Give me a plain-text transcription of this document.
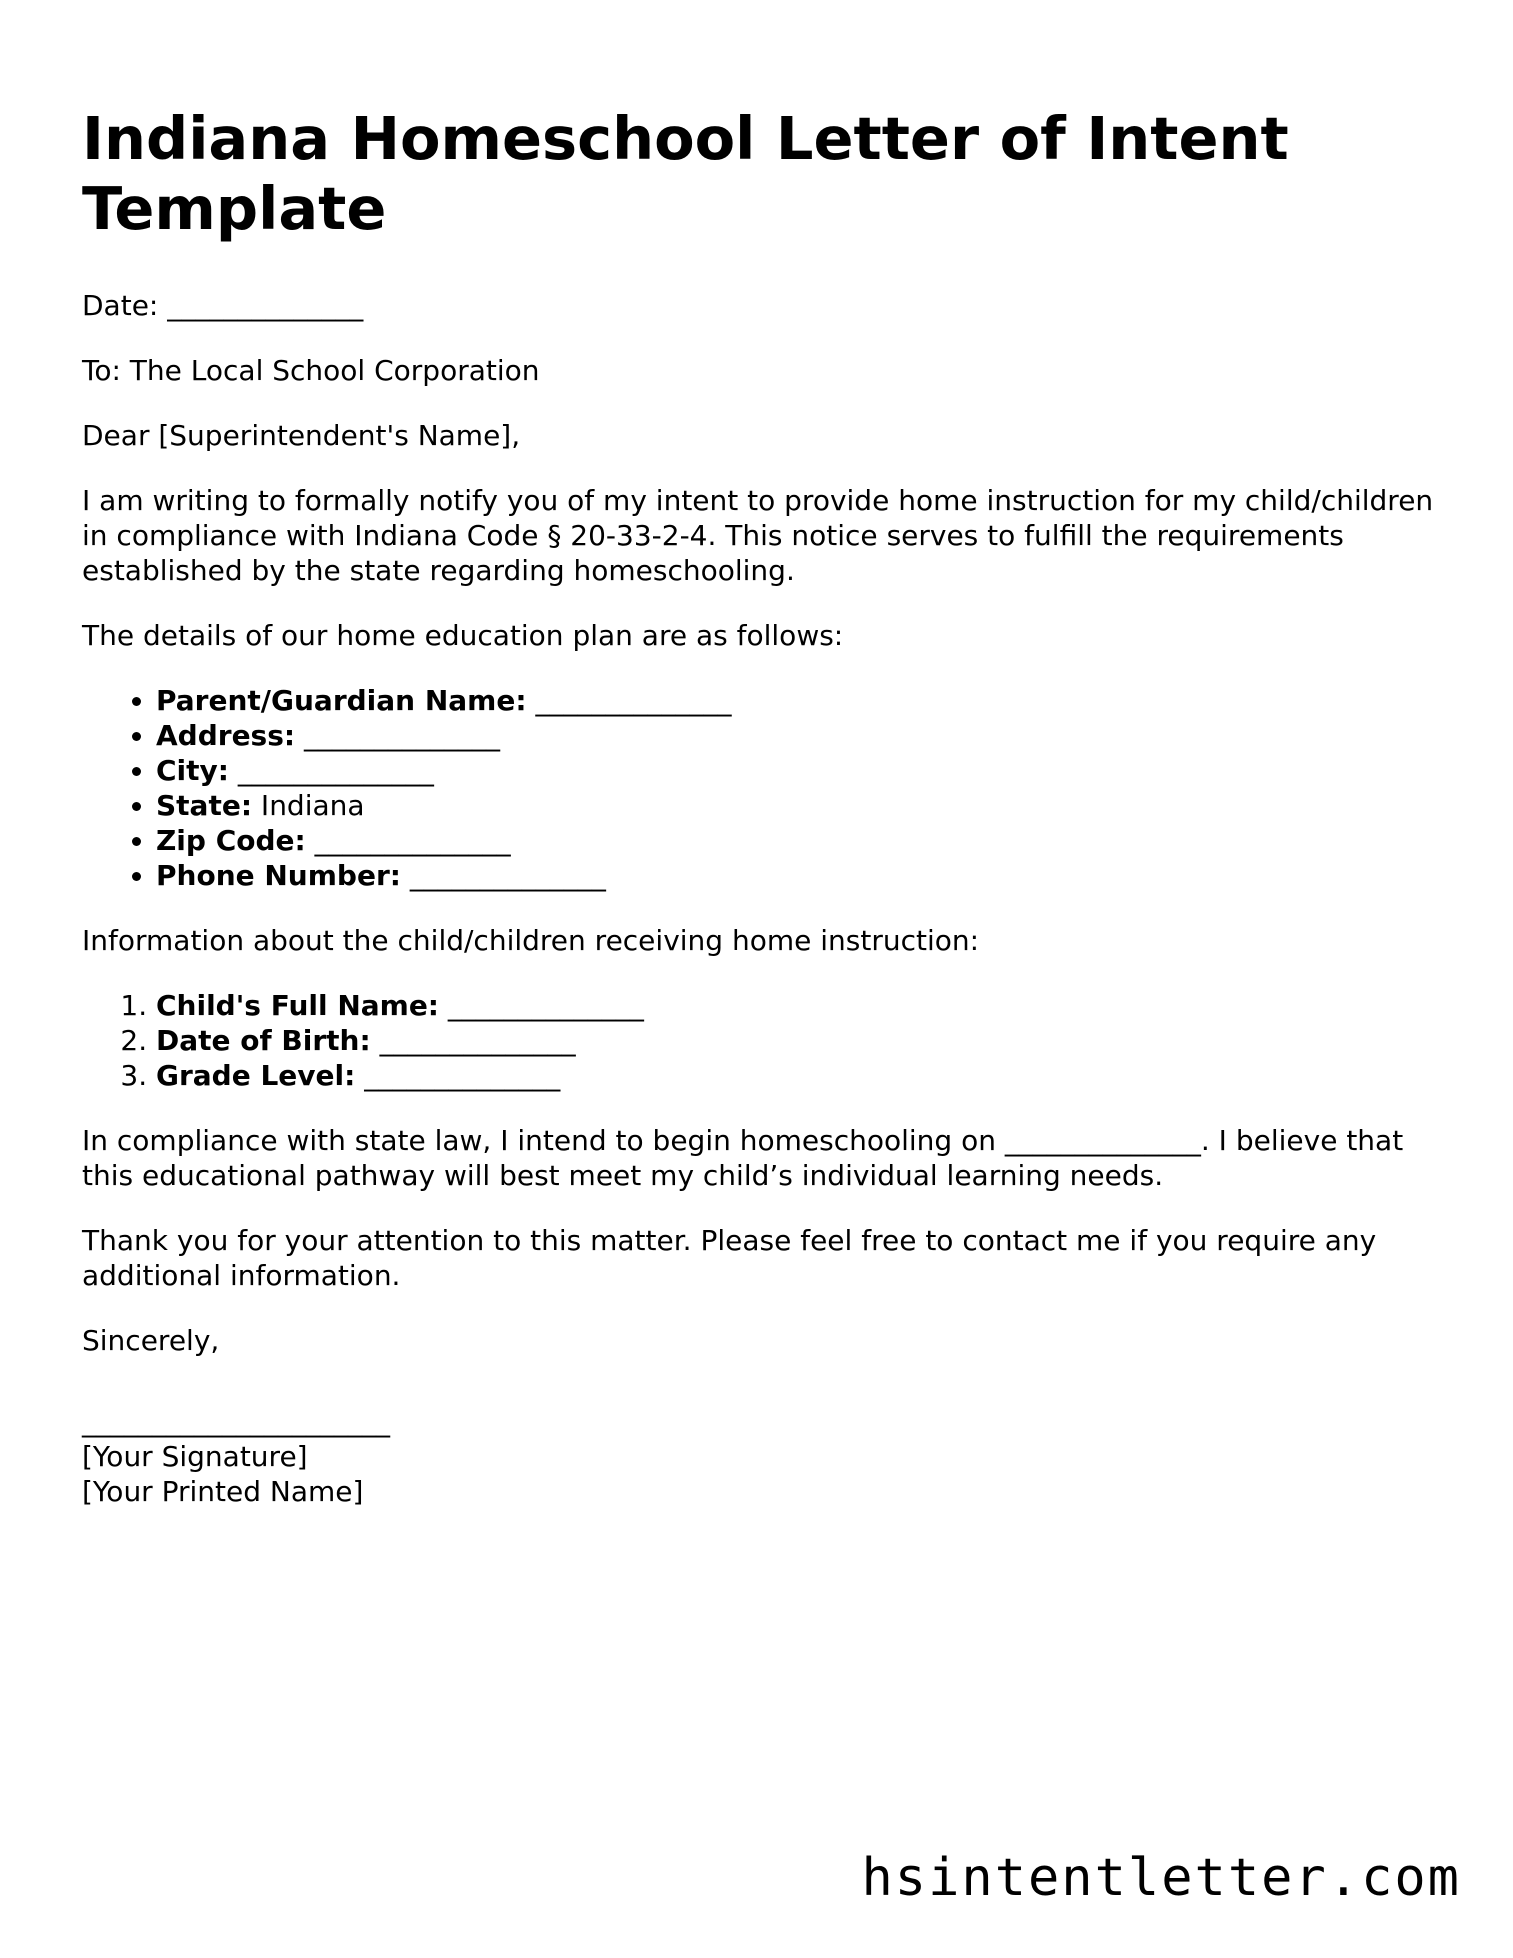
Indiana Homeschool Letter of Intent Template

Date: ______________

To: The Local School Corporation

Dear [Superintendent's Name],

I am writing to formally notify you of my intent to provide home instruction for my child/children in compliance with Indiana Code § 20-33-2-4. This notice serves to fulfill the requirements established by the state regarding homeschooling.

The details of our home education plan are as follows:

• Parent/Guardian Name: ______________
• Address: ______________
• City: ______________
• State: Indiana
• Zip Code: ______________
• Phone Number: ______________

Information about the child/children receiving home instruction:

1. Child's Full Name: ______________
2. Date of Birth: ______________
3. Grade Level: ______________

In compliance with state law, I intend to begin homeschooling on ______________. I believe that this educational pathway will best meet my child’s individual learning needs.

Thank you for your attention to this matter. Please feel free to contact me if you require any additional information.

Sincerely,

______________________

[Your Signature]

[Your Printed Name]

hsintentletter.com
